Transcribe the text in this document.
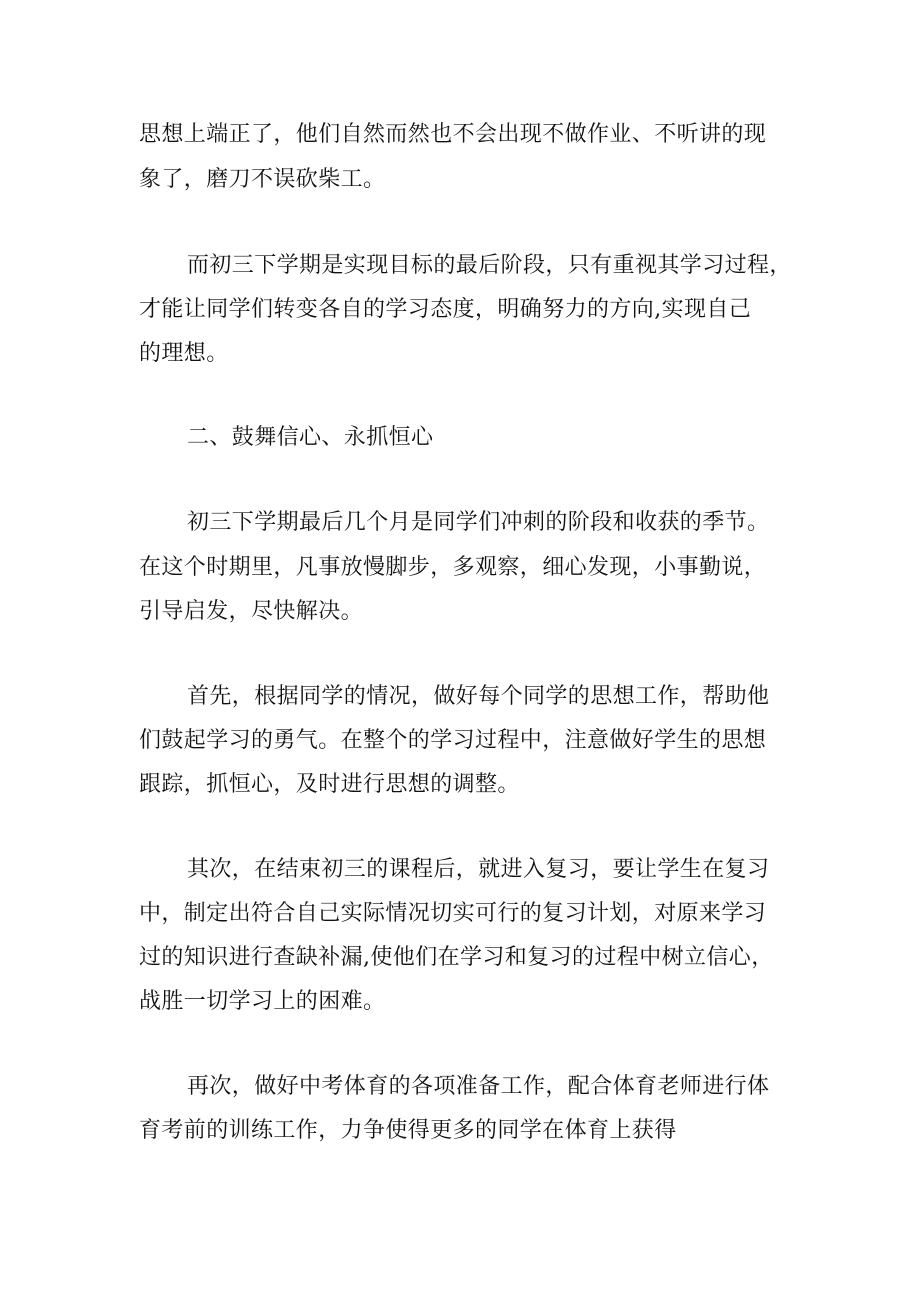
思想上端正了，他们自然而然也不会出现不做作业、不听讲的现
象了，磨刀不误砍柴工。
而初三下学期是实现目标的最后阶段，只有重视其学习过程，
才能让同学们转变各自的学习态度，明确努力的方向,实现自己
的理想。
二、鼓舞信心、永抓恒心
初三下学期最后几个月是同学们冲刺的阶段和收获的季节。
在这个时期里，凡事放慢脚步，多观察，细心发现，小事勤说，
引导启发，尽快解决。
首先，根据同学的情况，做好每个同学的思想工作，帮助他
们鼓起学习的勇气。在整个的学习过程中，注意做好学生的思想
跟踪，抓恒心，及时进行思想的调整。
其次，在结束初三的课程后，就进入复习，要让学生在复习
中，制定出符合自己实际情况切实可行的复习计划，对原来学习
过的知识进行查缺补漏,使他们在学习和复习的过程中树立信心，
战胜一切学习上的困难。
再次，做好中考体育的各项准备工作，配合体育老师进行体
育考前的训练工作，力争使得更多的同学在体育上获得
